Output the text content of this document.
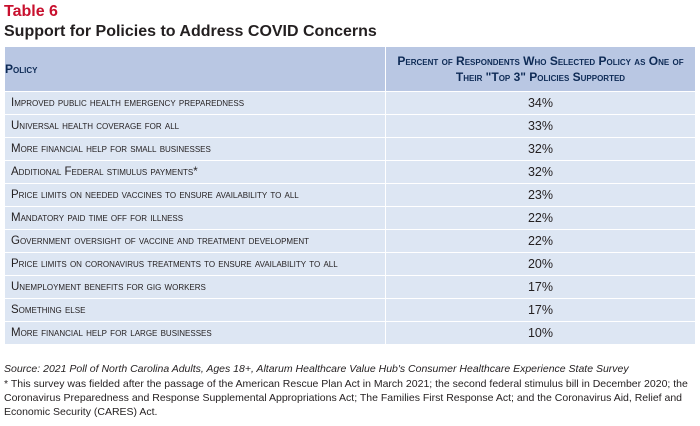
Table 6
Support for Policies to Address COVID Concerns
Policy	Percent of Respondents Who Selected Policy as One of Their "Top 3" Policies Supported
Improved public health emergency preparedness	34%
Universal health coverage for all	33%
More financial help for small businesses	32%
Additional Federal stimulus payments*	32%
Price limits on needed vaccines to ensure availability to all	23%
Mandatory paid time off for illness	22%
Government oversight of vaccine and treatment development	22%
Price limits on coronavirus treatments to ensure availability to all	20%
Unemployment benefits for gig workers	17%
Something else	17%
More financial help for large businesses	10%
Source: 2021 Poll of North Carolina Adults, Ages 18+, Altarum Healthcare Value Hub's Consumer Healthcare Experience State Survey
* This survey was fielded after the passage of the American Rescue Plan Act in March 2021; the second federal stimulus bill in December 2020; the Coronavirus Preparedness and Response Supplemental Appropriations Act; The Families First Response Act; and the Coronavirus Aid, Relief and Economic Security (CARES) Act.
